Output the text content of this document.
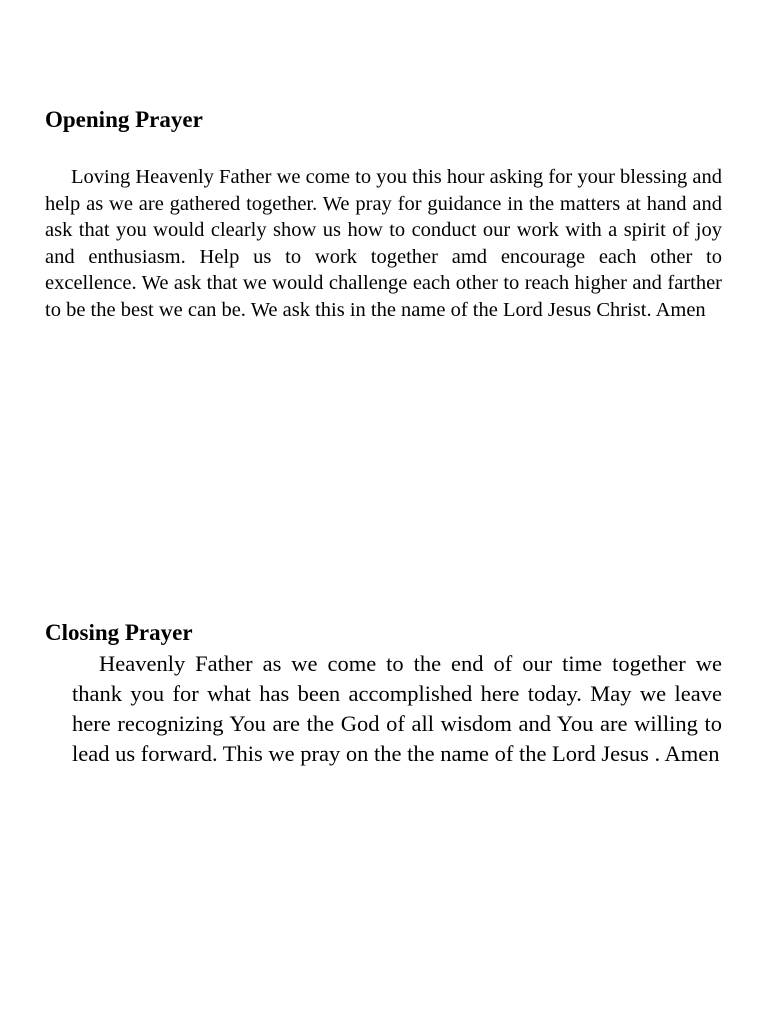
Opening Prayer

Loving Heavenly Father we come to you this hour asking for your blessing and help as we are gathered together. We pray for guidance in the matters at hand and ask that you would clearly show us how to conduct our work with a spirit of joy and enthusiasm. Help us to work together amd encourage each other to excellence. We ask that we would challenge each other to reach higher and farther to be the best we can be. We ask this in the name of the Lord Jesus Christ. Amen

Closing Prayer

Heavenly Father as we come to the end of our time together we thank you for what has been accomplished here today. May we leave here recognizing You are the God of all wisdom and You are willing to lead us forward. This we pray on the the name of the Lord Jesus . Amen
